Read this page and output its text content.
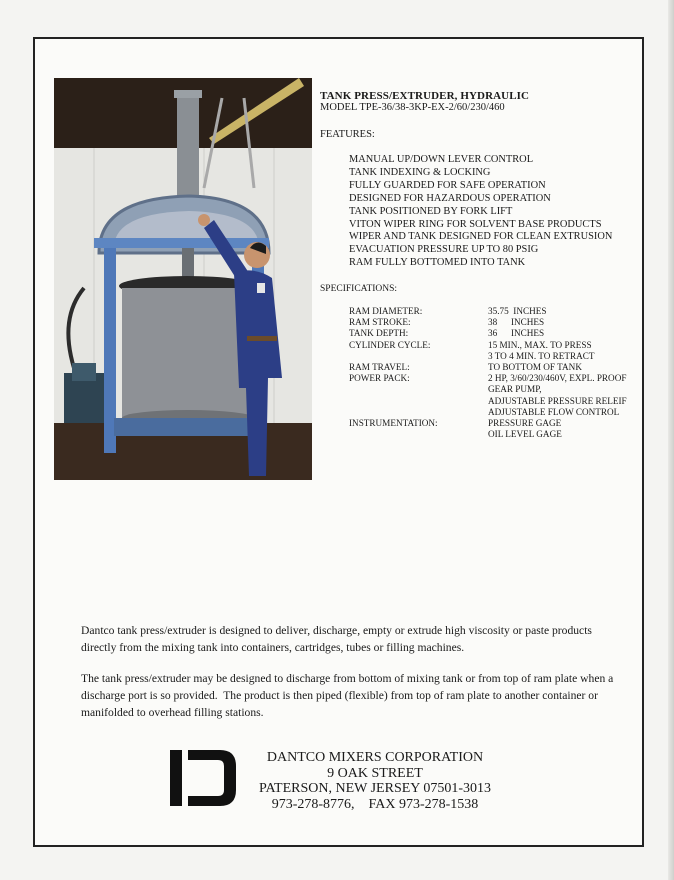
TANK PRESS/EXTRUDER, HYDRAULIC
MODEL TPE-36/38-3KP-EX-2/60/230/460
FEATURES:
MANUAL UP/DOWN LEVER CONTROL
TANK INDEXING & LOCKING
FULLY GUARDED FOR SAFE OPERATION
DESIGNED FOR HAZARDOUS OPERATION
TANK POSITIONED BY FORK LIFT
VITON WIPER RING FOR SOLVENT BASE PRODUCTS
WIPER AND TANK DESIGNED FOR CLEAN EXTRUSION
EVACUATION PRESSURE UP TO 80 PSIG
RAM FULLY BOTTOMED INTO TANK
SPECIFICATIONS:
RAM DIAMETER:
RAM STROKE:
TANK DEPTH:
CYLINDER CYCLE:
RAM TRAVEL:
POWER PACK:
INSTRUMENTATION:
35.75  INCHES
38      INCHES
36      INCHES
15 MIN., MAX. TO PRESS
3 TO 4 MIN. TO RETRACT
TO BOTTOM OF TANK
2 HP, 3/60/230/460V, EXPL. PROOF
GEAR PUMP,
ADJUSTABLE PRESSURE RELEIF
ADJUSTABLE FLOW CONTROL
PRESSURE GAGE
OIL LEVEL GAGE
Dantco tank press/extruder is designed to deliver, discharge, empty or extrude high viscosity or paste products directly from the mixing tank into containers, cartridges, tubes or filling machines.
The tank press/extruder may be designed to discharge from bottom of mixing tank or from top of ram plate when a discharge port is so provided.  The product is then piped (flexible) from top of ram plate to another container or manifolded to overhead filling stations.
DANTCO MIXERS CORPORATION
9 OAK STREET
PATERSON, NEW JERSEY 07501-3013
973-278-8776,    FAX 973-278-1538
